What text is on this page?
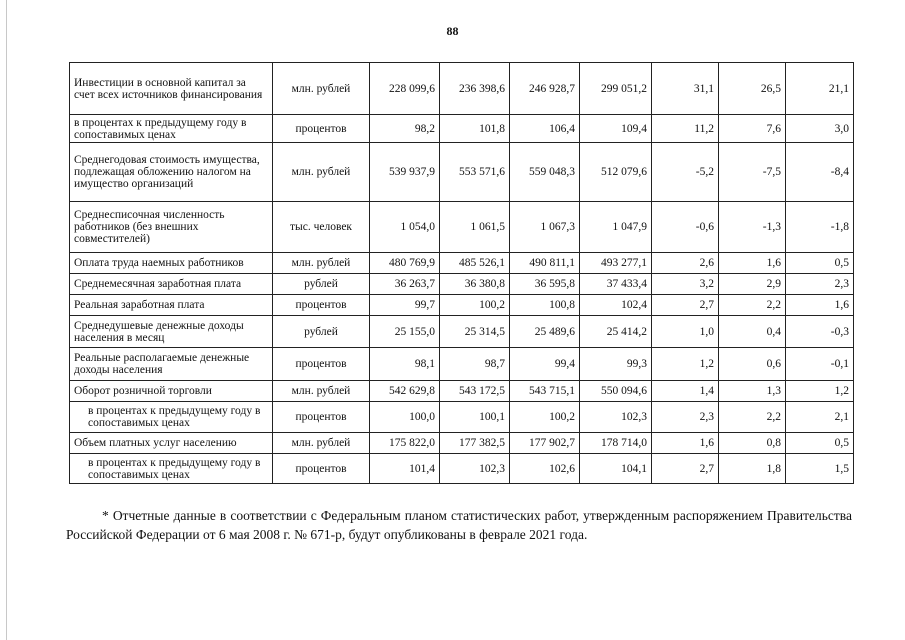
88
Инвестиции в основной капитал за счет всех источников финансирования	млн. рублей	228 099,6	236 398,6	246 928,7	299 051,2	31,1	26,5	21,1
в процентах к предыдущему году в сопоставимых ценах	процентов	98,2	101,8	106,4	109,4	11,2	7,6	3,0
Среднегодовая стоимость имущества, подлежащая обложению налогом на имущество организаций	млн. рублей	539 937,9	553 571,6	559 048,3	512 079,6	-5,2	-7,5	-8,4
Среднесписочная численность работников (без внешних совместителей)	тыс. человек	1 054,0	1 061,5	1 067,3	1 047,9	-0,6	-1,3	-1,8
Оплата труда наемных работников	млн. рублей	480 769,9	485 526,1	490 811,1	493 277,1	2,6	1,6	0,5
Среднемесячная заработная плата	рублей	36 263,7	36 380,8	36 595,8	37 433,4	3,2	2,9	2,3
Реальная заработная плата	процентов	99,7	100,2	100,8	102,4	2,7	2,2	1,6
Среднедушевые денежные доходы населения в месяц	рублей	25 155,0	25 314,5	25 489,6	25 414,2	1,0	0,4	-0,3
Реальные располагаемые денежные доходы населения	процентов	98,1	98,7	99,4	99,3	1,2	0,6	-0,1
Оборот розничной торговли	млн. рублей	542 629,8	543 172,5	543 715,1	550 094,6	1,4	1,3	1,2
в процентах к предыдущему году в сопоставимых ценах	процентов	100,0	100,1	100,2	102,3	2,3	2,2	2,1
Объем платных услуг населению	млн. рублей	175 822,0	177 382,5	177 902,7	178 714,0	1,6	0,8	0,5
в процентах к предыдущему году в сопоставимых ценах	процентов	101,4	102,3	102,6	104,1	2,7	1,8	1,5

* Отчетные данные в соответствии с Федеральным планом статистических работ, утвержденным распоряжением Правительства Российской Федерации от 6 мая 2008 г. № 671-р, будут опубликованы в феврале 2021 года.
